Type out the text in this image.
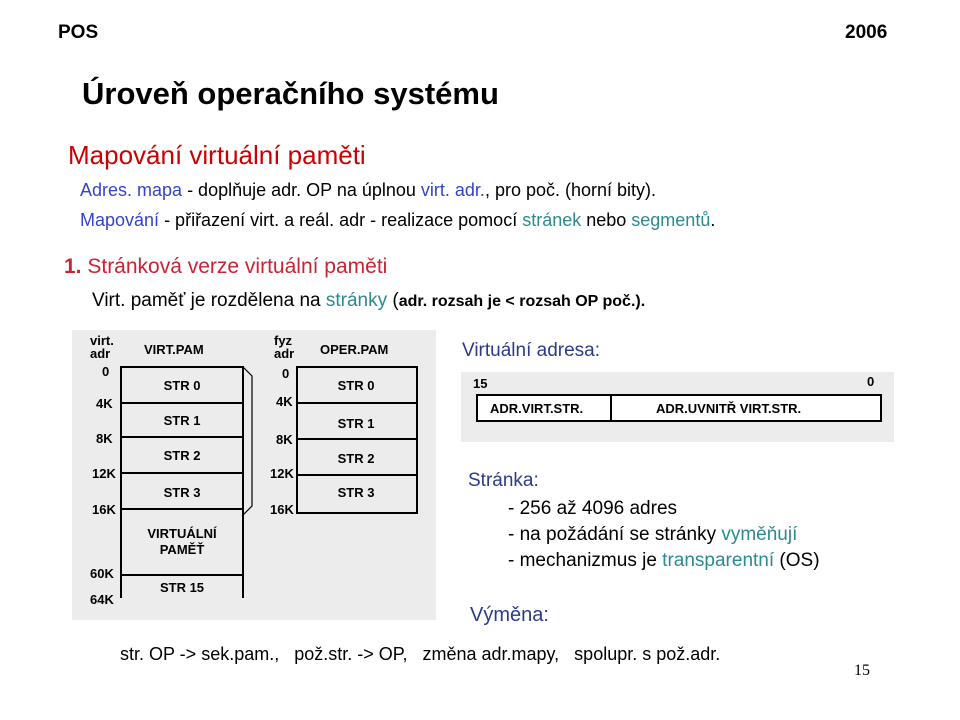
POS	2006
Úroveň operačního systému
Mapování virtuální paměti
Adres. mapa - doplňuje adr. OP na úplnou virt. adr., pro poč. (horní bity).
Mapování - přiřazení virt. a reál. adr - realizace pomocí stránek nebo segmentů.
1. Stránková verze virtuální paměti
Virt. paměť je rozdělena na stránky (adr. rozsah je < rozsah OP poč.).
virt.
adr	VIRT.PAM
STR 0
STR 1
STR 2
STR 3
VIRTUÁLNÍ
PAMĚŤ
STR 15
0
4K
8K
12K
16K
60K
64K
fyz
adr OPER.PAM
STR 0
STR 1
STR 2
STR 3
0
4K
8K
12K
16K
Virtuální adresa:
15	0
ADR.VIRT.STR.	ADR.UVNITŘ VIRT.STR.
Stránka:
- 256 až 4096 adres
- na požádání se stránky vyměňují
- mechanizmus je transparentní (OS)
Výměna:
str. OP -> sek.pam.,   pož.str. -> OP,   změna adr.mapy,   spolupr. s pož.adr.
15
